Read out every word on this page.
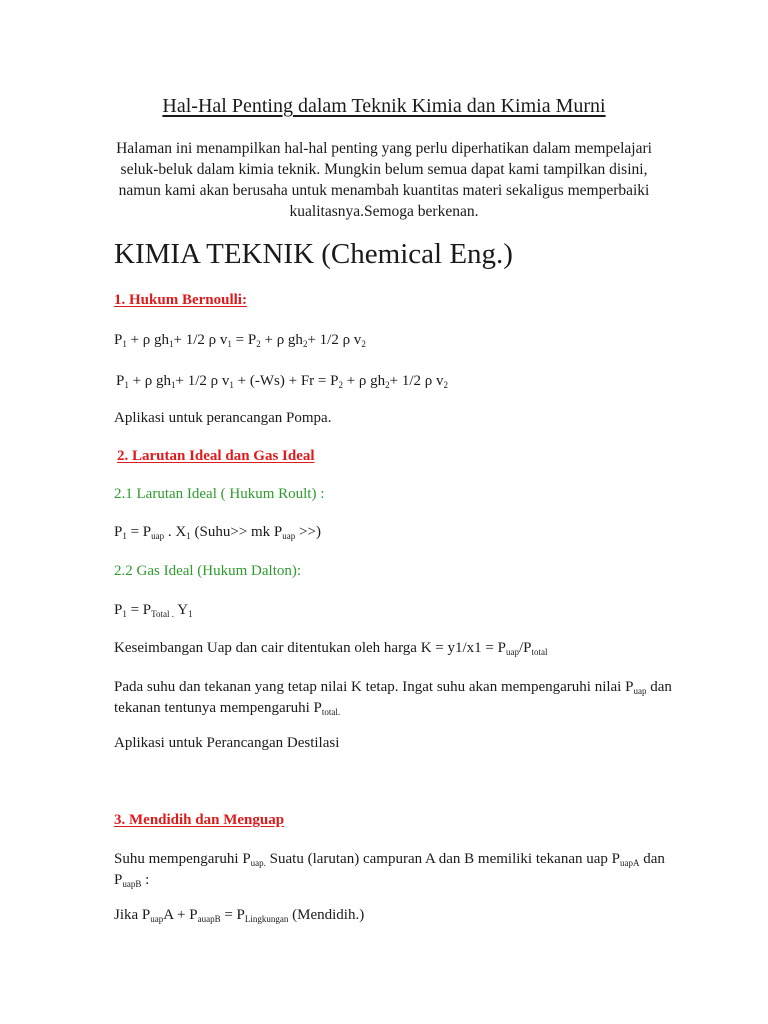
Hal-Hal Penting dalam Teknik Kimia dan Kimia Murni
Halaman ini menampilkan hal-hal penting yang perlu diperhatikan dalam mempelajari seluk-beluk dalam kimia teknik. Mungkin belum semua dapat kami tampilkan disini, namun kami akan berusaha untuk menambah kuantitas materi sekaligus memperbaiki kualitasnya.Semoga berkenan.
KIMIA TEKNIK (Chemical Eng.)
1. Hukum Bernoulli:
$P_1 + \rho$ $gh_1+ 1/2$ ρ $v_1 = P_2 + \rho$ $gh_2+ 1/2$ ρ $v_2$
$P_1 + \rho$ $gh_1+ 1/2$ ρ $v_1 + (-Ws) + Fr = P_2 + \rho$ $gh_2+ 1/2$ ρ $v_2$
Aplikasi untuk perancangan Pompa.
2. Larutan Ideal dan Gas Ideal
2.1 Larutan Ideal ( Hukum Roult) :
$P_1 = P_{uap}$ . $X_1$ (Suhu>> mk $P_{uap}$ >>)
2.2 Gas Ideal (Hukum Dalton):
$P_1 = P_{Total .}$ $Y_1$
Keseimbangan Uap dan cair ditentukan oleh harga $K = y1/x1 = P_{uap}/P_{total}$
Pada suhu dan tekanan yang tetap nilai K tetap. Ingat suhu akan mempengaruhi nilai $P_{uap}$ dan tekanan tentunya mempengaruhi $P_{total.}$
Aplikasi untuk Perancangan Destilasi
3. Mendidih dan Menguap
Suhu mempengaruhi $P_{uap.}$ Suatu (larutan) campuran A dan B memiliki tekanan uap $P_{uapA}$ dan $P_{uapB}$ :
Jika $P_{uap}A + P_{auapB} = P_{Lingkungan}$ (Mendidih.)
